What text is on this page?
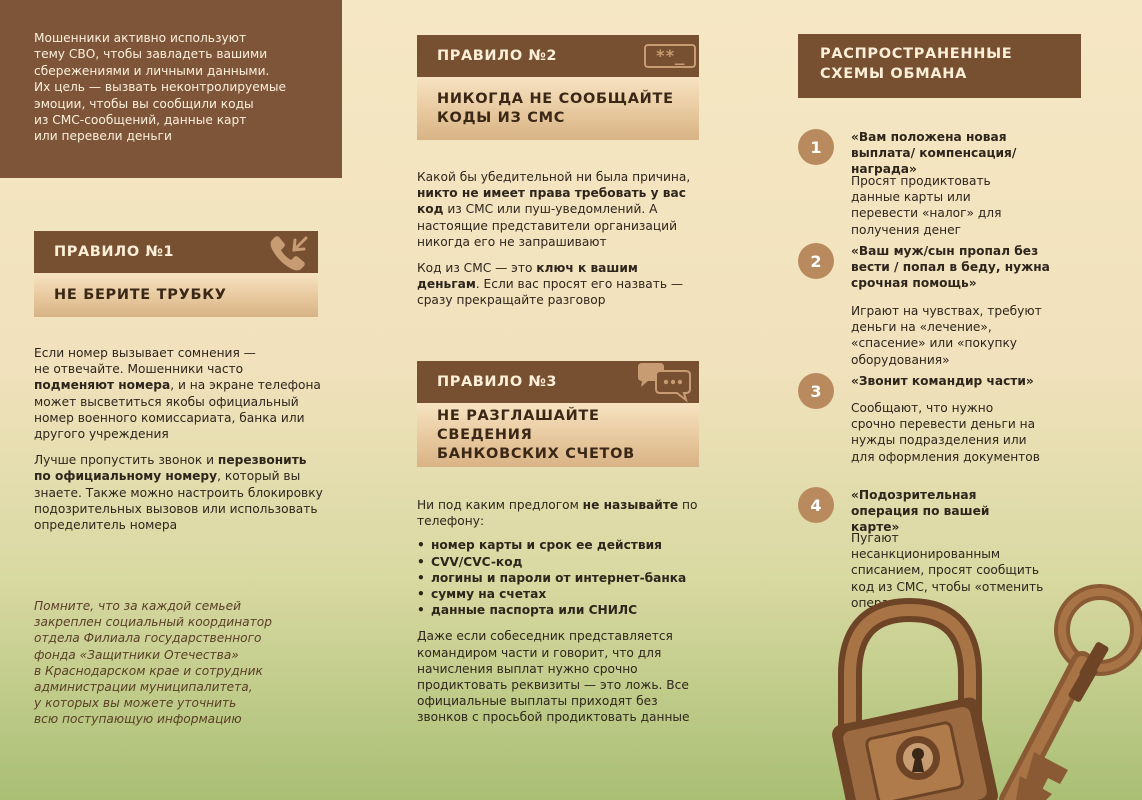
Мошенники активно используют
тему СВО, чтобы завладеть вашими
сбережениями и личными данными.
Их цель — вызвать неконтролируемые
эмоции, чтобы вы сообщили коды
из СМС-сообщений, данные карт
или перевели деньги
ПРАВИЛО №1
НЕ БЕРИТЕ ТРУБКУ

Если номер вызывает сомнения —
не отвечайте. Мошенники часто подменяют номера, и на экране телефона может высветиться якобы официальный номер военного комиссариата, банка или другого учреждения

Лучше пропустить звонок и перезвонить по официальному номеру, который вы знаете. Также можно настроить блокировку подозрительных вызовов или использовать определитель номера

Помните, что за каждой семьей
закреплен социальный координатор
отдела Филиала государственного
фонда «Защитники Отечества»
в Краснодарском крае и сотрудник
администрации муниципалитета,
у которых вы можете уточнить
всю поступающую информацию
ПРАВИЛО №2	**_
НИКОГДА НЕ СООБЩАЙТЕ
КОДЫ ИЗ СМС

Какой бы убедительной ни была причина, никто не имеет права требовать у вас код из СМС или пуш-уведомлений. А настоящие представители организаций никогда его не запрашивают

Код из СМС — это ключ к вашим деньгам. Если вас просят его назвать — сразу прекращайте разговор

ПРАВИЛО №3
НЕ РАЗГЛАШАЙТЕ СВЕДЕНИЯ
БАНКОВСКИХ СЧЕТОВ

Ни под каким предлогом не называйте по телефону:

• номер карты и срок ее действия
• CVV/CVC-код
• логины и пароли от интернет-банка
• сумму на счетах
• данные паспорта или СНИЛС

Даже если собеседник представляется командиром части и говорит, что для начисления выплат нужно срочно продиктовать реквизиты — это ложь. Все официальные выплаты приходят без звонков с просьбой продиктовать данные

РАСПРОСТРАНЕННЫЕ
СХЕМЫ ОБМАНА
1
«Вам положена новая выплата/ компенсация/награда»
Просят продиктовать данные карты или перевести «налог» для получения денег
2
«Ваш муж/сын пропал без вести / попал в беду, нужна срочная помощь»
Играют на чувствах, требуют деньги на «лечение», «спасение» или «покупку оборудования»
3
«Звонит командир части»
Сообщают, что нужно срочно перевести деньги на нужды подразделения или для оформления документов
4
«Подозрительная операция по вашей карте»
Пугают несанкционированным списанием, просят сообщить код из СМС, чтобы «отменить операцию»
